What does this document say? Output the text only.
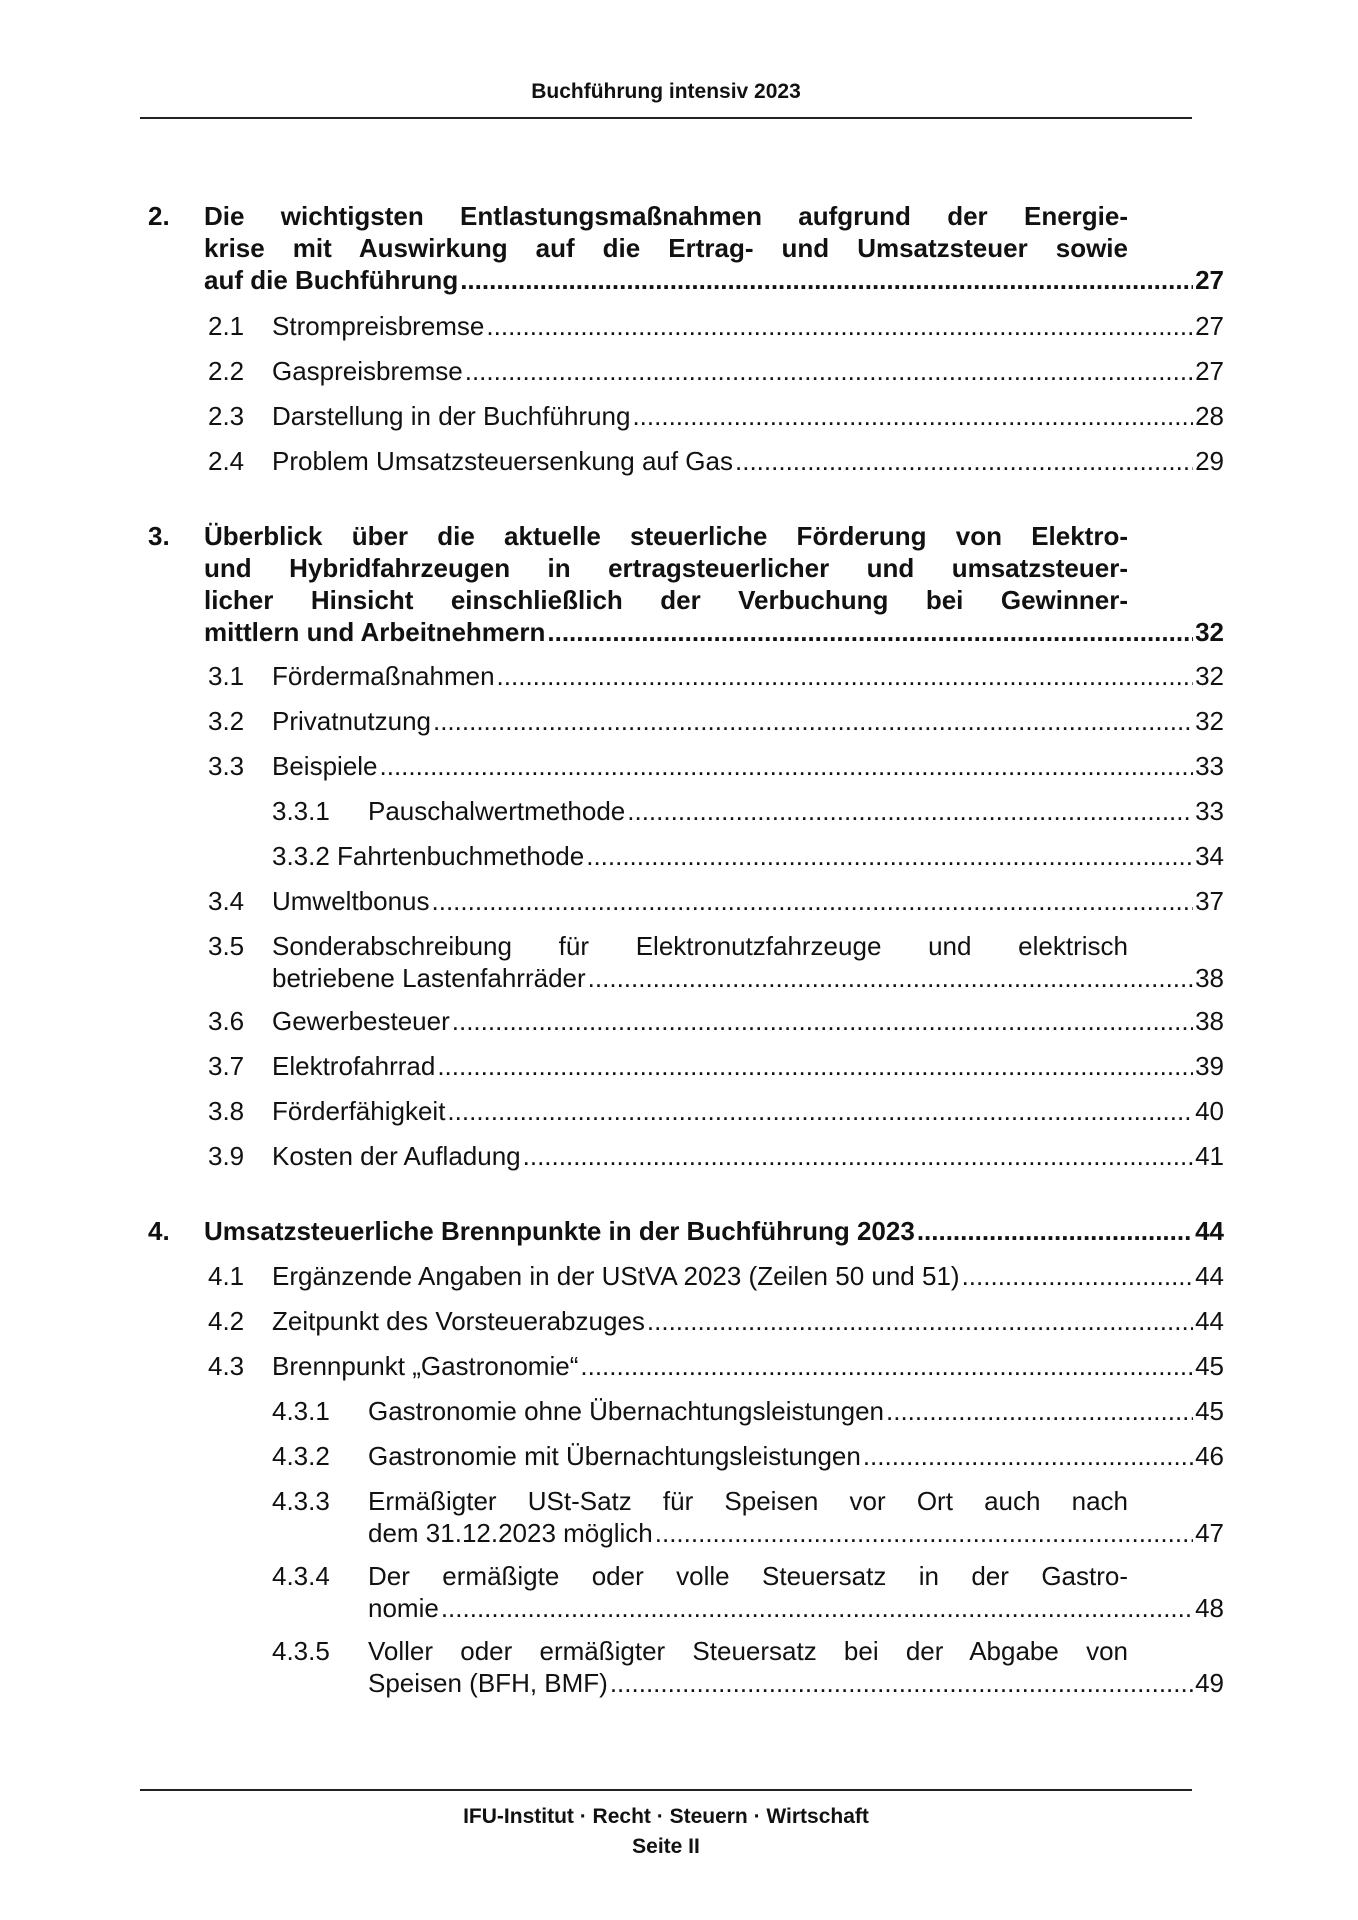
Buchführung intensiv 2023
2. Die wichtigsten Entlastungsmaßnahmen aufgrund der Energie-
krise mit Auswirkung auf die Ertrag- und Umsatzsteuer sowie
auf die Buchführung .....	27
2.1 Strompreisbremse .....	27
2.2 Gaspreisbremse .....	27
2.3 Darstellung in der Buchführung .....	28
2.4 Problem Umsatzsteuersenkung auf Gas .....	29
3. Überblick über die aktuelle steuerliche Förderung von Elektro-
und Hybridfahrzeugen in ertragsteuerlicher und umsatzsteuer-
licher Hinsicht einschließlich der Verbuchung bei Gewinner-
mittlern und Arbeitnehmern .....	32
3.1 Fördermaßnahmen .....	32
3.2 Privatnutzung .....	32
3.3 Beispiele .....	33
3.3.1 Pauschalwertmethode .....	33
3.3.2 Fahrtenbuchmethode .....	34
3.4 Umweltbonus .....	37
3.5 Sonderabschreibung für Elektronutzfahrzeuge und elektrisch
betriebene Lastenfahrräder .....	38
3.6 Gewerbesteuer .....	38
3.7 Elektrofahrrad .....	39
3.8 Förderfähigkeit .....	40
3.9 Kosten der Aufladung .....	41
4. Umsatzsteuerliche Brennpunkte in der Buchführung 2023 .....	44
4.1 Ergänzende Angaben in der UStVA 2023 (Zeilen 50 und 51) .....	44
4.2 Zeitpunkt des Vorsteuerabzuges .....	44
4.3 Brennpunkt „Gastronomie“ .....	45
4.3.1 Gastronomie ohne Übernachtungsleistungen .....	45
4.3.2 Gastronomie mit Übernachtungsleistungen .....	46
4.3.3 Ermäßigter USt-Satz für Speisen vor Ort auch nach
dem 31.12.2023 möglich .....	47
4.3.4 Der ermäßigte oder volle Steuersatz in der Gastro-
nomie .....	48
4.3.5 Voller oder ermäßigter Steuersatz bei der Abgabe von
Speisen (BFH, BMF) .....	49
IFU-Institut · Recht · Steuern · Wirtschaft
Seite II
